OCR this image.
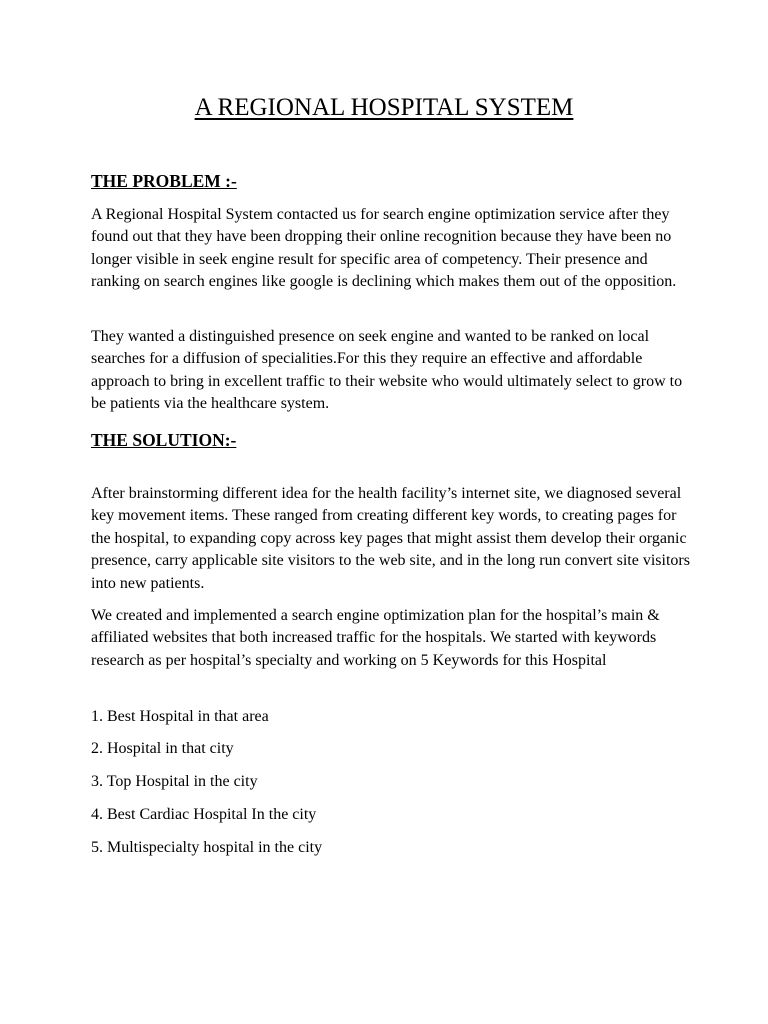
A REGIONAL HOSPITAL SYSTEM
THE PROBLEM :-

A Regional Hospital System contacted us for search engine optimization service after they found out that they have been dropping their online recognition because they have been no longer visible in seek engine result for specific area of competency. Their presence and ranking on search engines like google is declining which makes them out of the opposition.

They wanted a distinguished presence on seek engine and wanted to be ranked on local searches for a diffusion of specialities.For this they require an effective and affordable approach to bring in excellent traffic to their website who would ultimately select to grow to be patients via the healthcare system.

THE SOLUTION:-

After brainstorming different idea for the health facility’s internet site, we diagnosed several key movement items. These ranged from creating different key words, to creating pages for the hospital, to expanding copy across key pages that might assist them develop their organic presence, carry applicable site visitors to the web site, and in the long run convert site visitors into new patients.

We created and implemented a search engine optimization plan for the hospital’s main & affiliated websites that both increased traffic for the hospitals. We started with keywords research as per hospital’s specialty and working on 5 Keywords for this Hospital

1. Best Hospital in that area

2. Hospital in that city

3. Top Hospital in the city

4. Best Cardiac Hospital In the city

5. Multispecialty hospital in the city
